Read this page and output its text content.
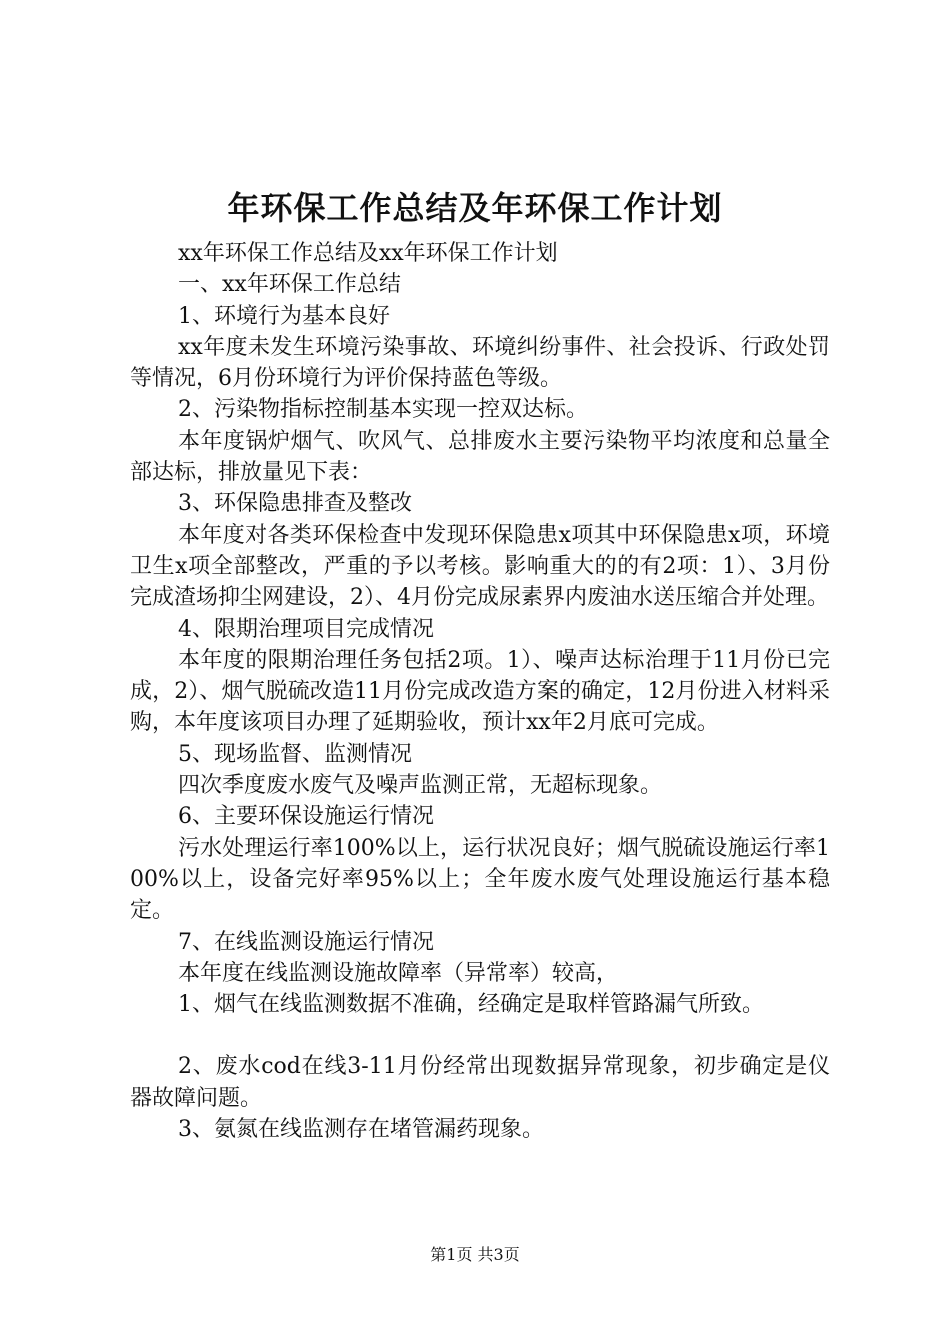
年环保工作总结及年环保工作计划

xx年环保工作总结及xx年环保工作计划

一、xx年环保工作总结

1、环境行为基本良好

xx年度未发生环境污染事故、环境纠纷事件、社会投诉、行政处罚等情况，6月份环境行为评价保持蓝色等级。

2、污染物指标控制基本实现一控双达标。

本年度锅炉烟气、吹风气、总排废水主要污染物平均浓度和总量全部达标，排放量见下表：

3、环保隐患排查及整改

本年度对各类环保检查中发现环保隐患x项其中环保隐患x项，环境卫生x项全部整改，严重的予以考核。影响重大的的有2项：1）、3月份完成渣场抑尘网建设，2）、4月份完成尿素界内废油水送压缩合并处理。

4、限期治理项目完成情况

本年度的限期治理任务包括2项。1）、噪声达标治理于11月份已完成，2）、烟气脱硫改造11月份完成改造方案的确定，12月份进入材料采购，本年度该项目办理了延期验收，预计xx年2月底可完成。

5、现场监督、监测情况

四次季度废水废气及噪声监测正常，无超标现象。

6、主要环保设施运行情况

污水处理运行率100%以上，运行状况良好；烟气脱硫设施运行率100%以上，设备完好率95%以上；全年废水废气处理设施运行基本稳定。

7、在线监测设施运行情况

本年度在线监测设施故障率（异常率）较高，

1、烟气在线监测数据不准确，经确定是取样管路漏气所致。

2、废水cod在线3-11月份经常出现数据异常现象，初步确定是仪器故障问题。

3、氨氮在线监测存在堵管漏药现象。

第1页 共3页
